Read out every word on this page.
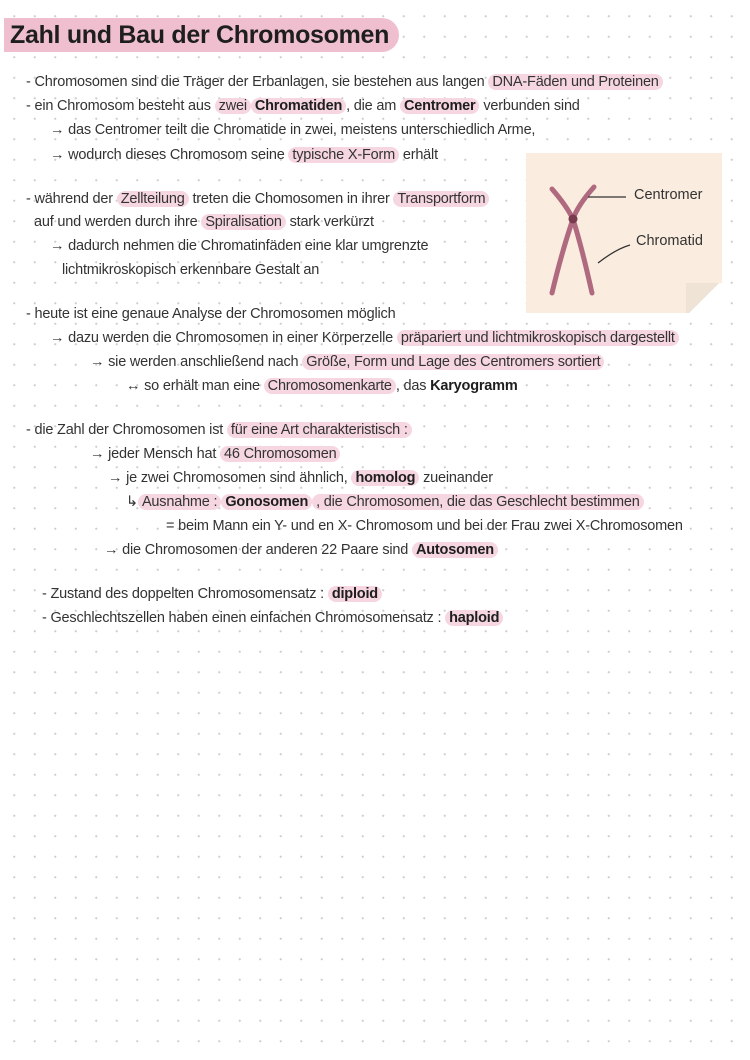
Zahl und Bau der Chromosomen
- Chromosomen sind die Träger der Erbanlagen, sie bestehen aus langen DNA-Fäden und Proteinen
- ein Chromosom besteht aus zwei Chromatiden , die am Centromer verbunden sind
→ das Centromer teilt die Chromatide in zwei, meistens unterschiedlich Arme,
→ wodurch dieses Chromosom seine typische X-Form erhält
- während der Zellteilung treten die Chomosomen in ihrer Transportform
auf und werden durch ihre Spiralisation stark verkürzt
→ dadurch nehmen die Chromatinfäden eine klar umgrenzte
lichtmikroskopisch erkennbare Gestalt an
Centromer
Chromatid
- heute ist eine genaue Analyse der Chromosomen möglich
→ dazu werden die Chromosomen in einer Körperzelle präpariert und lichtmikroskopisch dargestellt
→ sie werden anschließend nach Größe, Form und Lage des Centromers sortiert
↔ so erhält man eine Chromosomenkarte , das Karyogramm
- die Zahl der Chromosomen ist für eine Art charakteristisch :
→ jeder Mensch hat 46 Chromosomen
→ je zwei Chromosomen sind ähnlich, homolog zueinander
↳ Ausnahme : Gonosomen , die Chromosomen, die das Geschlecht bestimmen
= beim Mann ein Y- und en X- Chromosom und bei der Frau zwei X-Chromosomen
→ die Chromosomen der anderen 22 Paare sind Autosomen
- Zustand des doppelten Chromosomensatz : diploid
- Geschlechtszellen haben einen einfachen Chromosomensatz : haploid
